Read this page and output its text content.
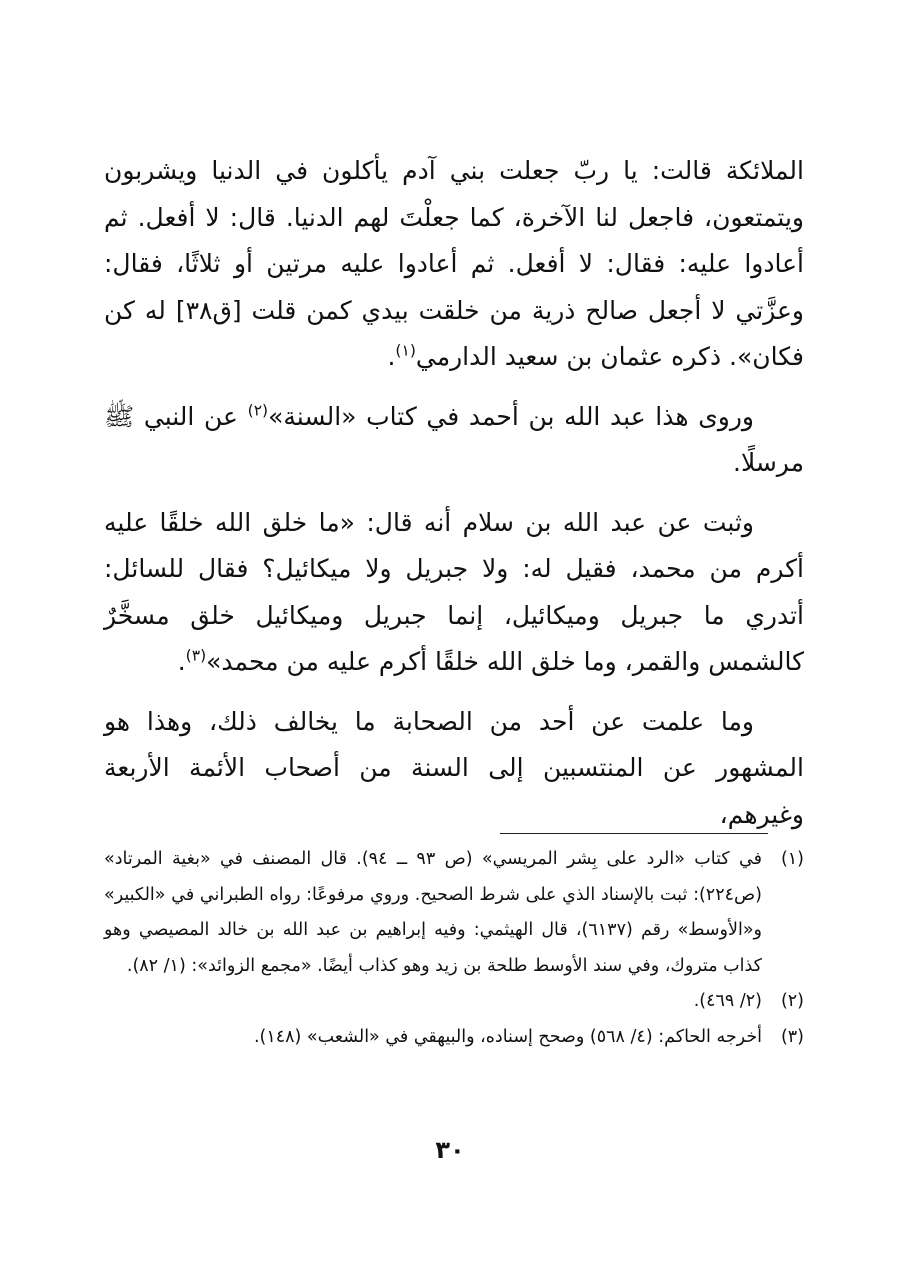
الملائكة قالت: يا ربّ جعلت بني آدم يأكلون في الدنيا ويشربون ويتمتعون، فاجعل لنا الآخرة، كما جعلْتَ لهم الدنيا. قال: لا أفعل. ثم أعادوا عليه: فقال: لا أفعل. ثم أعادوا عليه مرتين أو ثلاثًا، فقال: وعزَّتي لا أجعل صالح ذرية من خلقت بيدي كمن قلت [ق٣٨] له كن فكان». ذكره عثمان بن سعيد الدارمي$^{(١)}$.

وروى هذا عبد الله بن أحمد في كتاب «السنة»$^{(٢)}$ عن النبي ﷺ مرسلًا.

وثبت عن عبد الله بن سلام أنه قال: «ما خلق الله خلقًا عليه أكرم من محمد، فقيل له: ولا جبريل ولا ميكائيل؟ فقال للسائل: أتدري ما جبريل وميكائيل، إنما جبريل وميكائيل خلق مسخَّرٌ كالشمس والقمر، وما خلق الله خلقًا أكرم عليه من محمد»$^{(٣)}$.

وما علمت عن أحد من الصحابة ما يخالف ذلك، وهذا هو المشهور عن المنتسبين إلى السنة من أصحاب الأئمة الأربعة وغيرهم،

(١)
في كتاب «الرد على بِشر المريسي» (ص ٩٣ ــ ٩٤). قال المصنف في «بغية المرتاد» (ص٢٢٤): ثبت بالإسناد الذي على شرط الصحيح. وروي مرفوعًا: رواه الطبراني في «الكبير» و«الأوسط» رقم (٦١٣٧)، قال الهيثمي: وفيه إبراهيم بن عبد الله بن خالد المصيصي وهو كذاب متروك، وفي سند الأوسط طلحة بن زيد وهو كذاب أيضًا. «مجمع الزوائد»: (١/ ٨٢).
(٢)
(٢/ ٤٦٩).
(٣)
أخرجه الحاكم: (٤/ ٥٦٨) وصحح إسناده، والبيهقي في «الشعب» (١٤٨).
٣٠
